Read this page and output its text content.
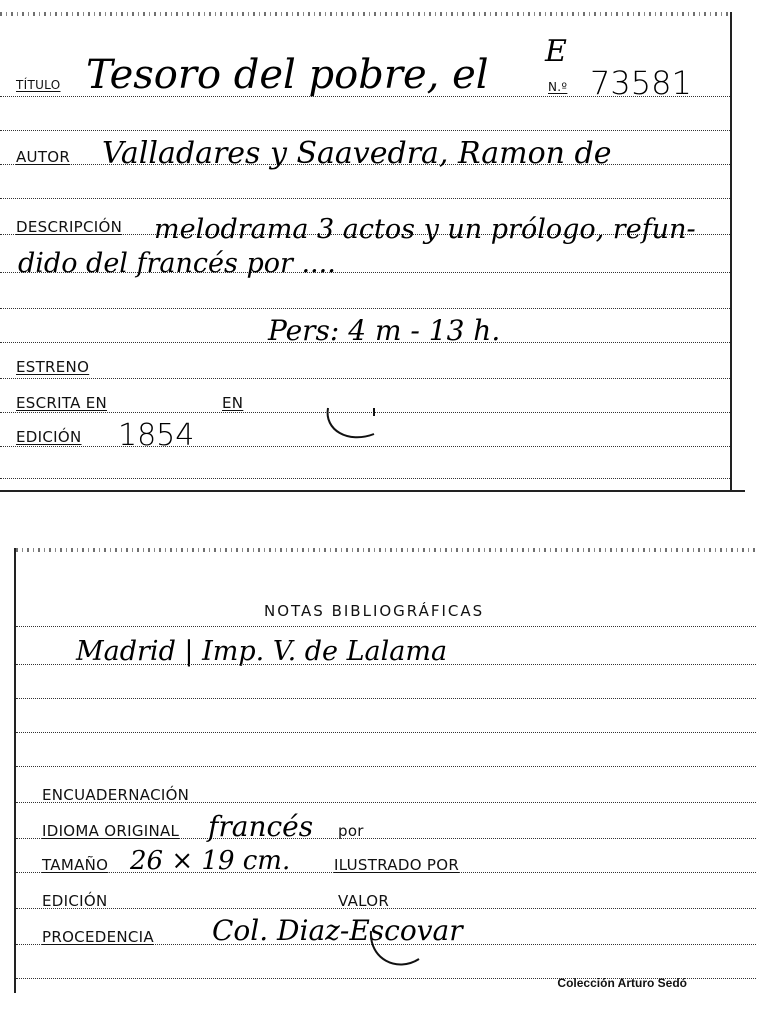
TÍTULO Tesoro del pobre, el
E
N.º 73581
AUTOR Valladares y Saavedra, Ramon de
DESCRIPCIÓN melodrama 3 actos y un prólogo, refun-
dido del francés por ....
Pers: 4 m - 13 h.
ESTRENO
ESCRITA EN	EN
EDICIÓN 1854
NOTAS BIBLIOGRÁFICAS
Madrid | Imp. V. de Lalama
ENCUADERNACIÓN
IDIOMA ORIGINAL francés por
TAMAÑO 26 × 19 cm.	ILUSTRADO POR
EDICIÓN	VALOR
PROCEDENCIA Col. Diaz-Escovar
Colección Arturo Sedó
